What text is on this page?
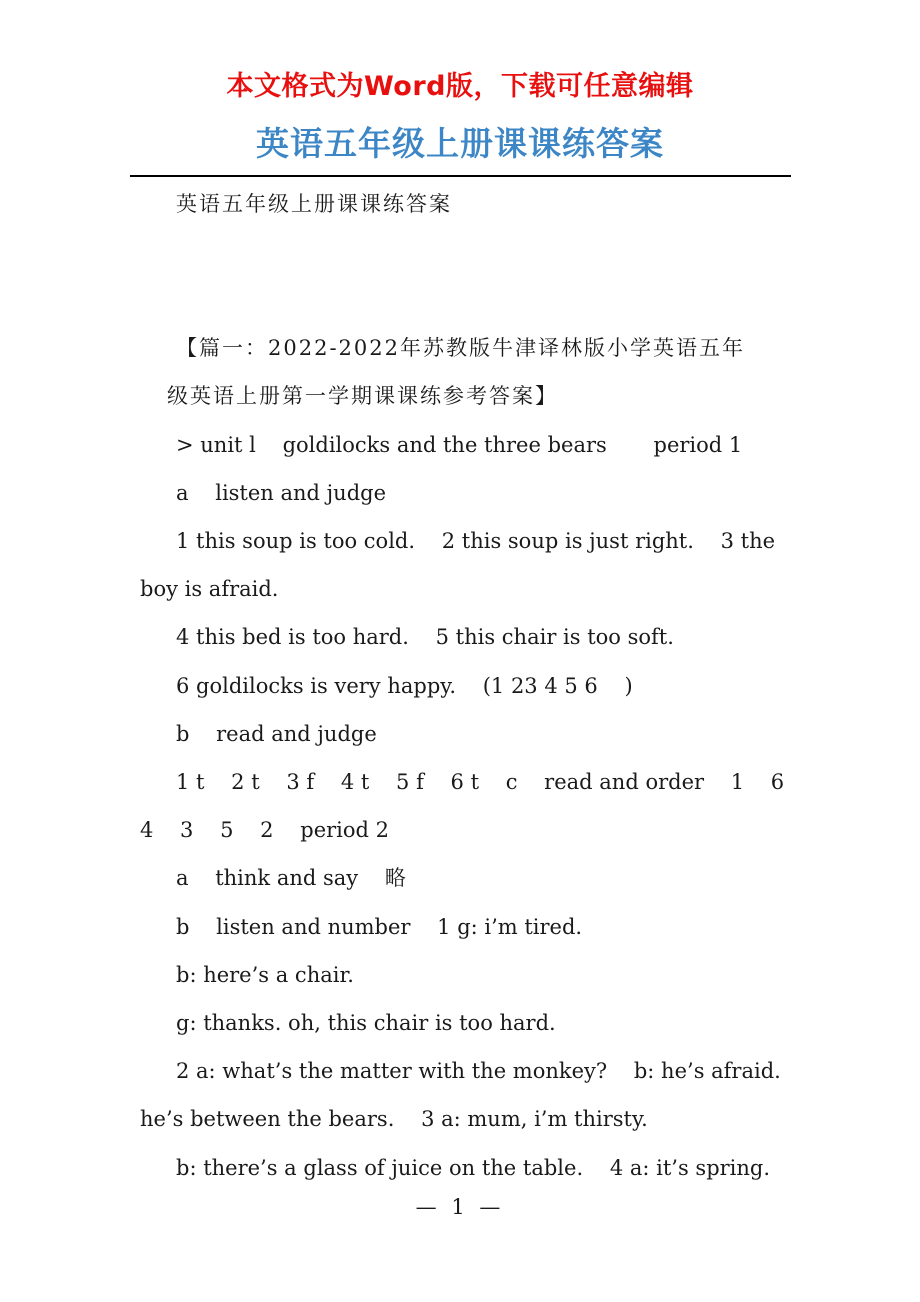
本文格式为Word版，下载可任意编辑
英语五年级上册课课练答案

英语五年级上册课课练答案

【篇一：2022-2022年苏教版牛津译林版小学英语五年

级英语上册第一学期课课练参考答案】

> unit l    goldilocks and the three bears       period 1

a    listen and judge

1 this soup is too cold.    2 this soup is just right.    3 the boy is afraid.

4 this bed is too hard.    5 this chair is too soft.

6 goldilocks is very happy.    (1 23 4 5 6    )

b    read and judge

1 t    2 t    3 f    4 t    5 f    6 t    c    read and order    1    6    4    3    5    2    period 2

a    think and say    略

b    listen and number    1 g: i’m tired.

b: here’s a chair.

g: thanks. oh, this chair is too hard.

2 a: what’s the matter with the monkey?    b: he’s afraid. he’s between the bears.    3 a: mum, i’m thirsty.

b: there’s a glass of juice on the table.    4 a: it’s spring.

— 1 —
